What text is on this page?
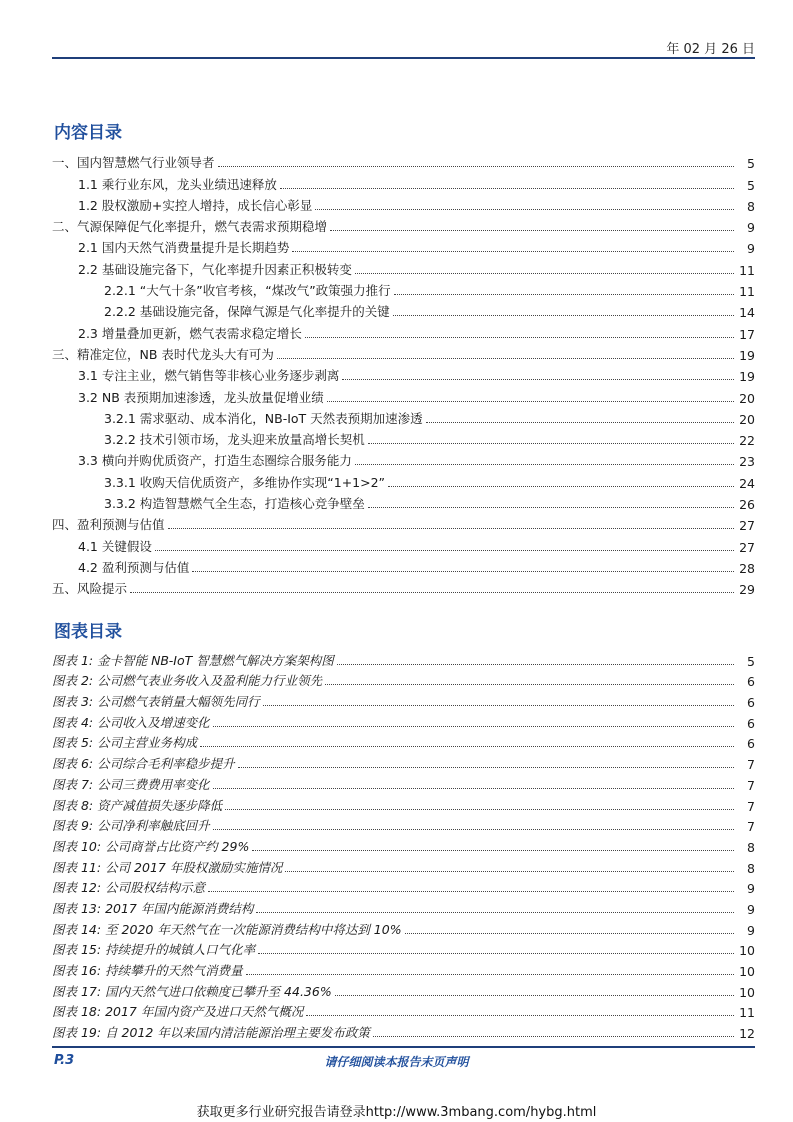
年 02 月 26 日
内容目录
一、国内智慧燃气行业领导者	5
1.1 乘行业东风，龙头业绩迅速释放	5
1.2 股权激励+实控人增持，成长信心彰显	8
二、气源保障促气化率提升，燃气表需求预期稳增	9
2.1 国内天然气消费量提升是长期趋势	9
2.2 基础设施完备下，气化率提升因素正积极转变	11
2.2.1 “大气十条”收官考核，“煤改气”政策强力推行	11
2.2.2 基础设施完备，保障气源是气化率提升的关键	14
2.3 增量叠加更新，燃气表需求稳定增长	17
三、精准定位，NB 表时代龙头大有可为	19
3.1 专注主业，燃气销售等非核心业务逐步剥离	19
3.2 NB 表预期加速渗透，龙头放量促增业绩	20
3.2.1 需求驱动、成本消化，NB-IoT 天然表预期加速渗透	20
3.2.2 技术引领市场，龙头迎来放量高增长契机	22
3.3 横向并购优质资产，打造生态圈综合服务能力	23
3.3.1 收购天信优质资产，多维协作实现“1+1>2”	24
3.3.2 构造智慧燃气全生态，打造核心竞争壁垒	26
四、盈利预测与估值	27
4.1 关键假设	27
4.2 盈利预测与估值	28
五、风险提示	29
图表目录
图表 1: 金卡智能 NB-IoT 智慧燃气解决方案架构图	5
图表 2: 公司燃气表业务收入及盈利能力行业领先	6
图表 3: 公司燃气表销量大幅领先同行	6
图表 4: 公司收入及增速变化	6
图表 5: 公司主营业务构成	6
图表 6: 公司综合毛利率稳步提升	7
图表 7: 公司三费费用率变化	7
图表 8: 资产减值损失逐步降低	7
图表 9: 公司净利率触底回升	7
图表 10: 公司商誉占比资产约 29%	8
图表 11: 公司 2017 年股权激励实施情况	8
图表 12: 公司股权结构示意	9
图表 13: 2017 年国内能源消费结构	9
图表 14: 至 2020 年天然气在一次能源消费结构中将达到 10%	9
图表 15: 持续提升的城镇人口气化率	10
图表 16: 持续攀升的天然气消费量	10
图表 17: 国内天然气进口依赖度已攀升至 44.36%	10
图表 18: 2017 年国内资产及进口天然气概况	11
图表 19: 自 2012 年以来国内清洁能源治理主要发布政策	12
P.3	请仔细阅读本报告末页声明
获取更多行业研究报告请登录http://www.3mbang.com/hybg.html
